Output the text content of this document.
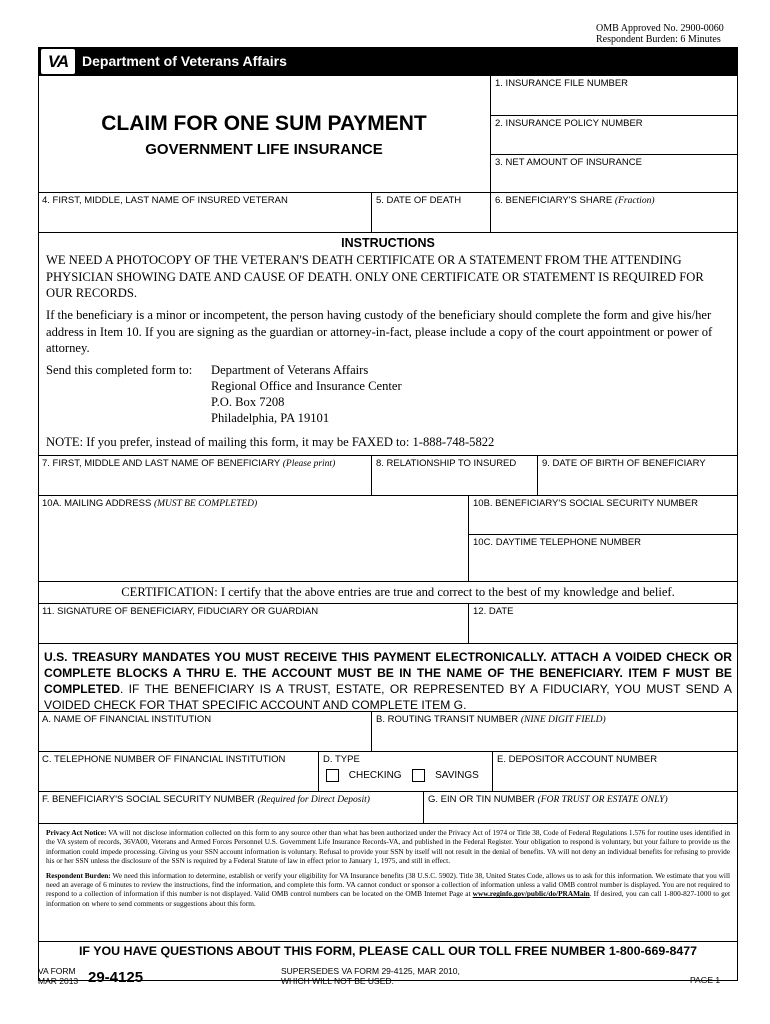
OMB Approved No. 2900-0060
Respondent Burden: 6 Minutes
VA Department of Veterans Affairs
CLAIM FOR ONE SUM PAYMENT
GOVERNMENT LIFE INSURANCE
1. INSURANCE FILE NUMBER
2. INSURANCE POLICY NUMBER
3. NET AMOUNT OF INSURANCE
4. FIRST, MIDDLE, LAST NAME OF INSURED VETERAN	5. DATE OF DEATH	6. BENEFICIARY'S SHARE (Fraction)
INSTRUCTIONS
WE NEED A PHOTOCOPY OF THE VETERAN'S DEATH CERTIFICATE OR A STATEMENT FROM THE ATTENDING PHYSICIAN SHOWING DATE AND CAUSE OF DEATH. ONLY ONE CERTIFICATE OR STATEMENT IS REQUIRED FOR OUR RECORDS.
If the beneficiary is a minor or incompetent, the person having custody of the beneficiary should complete the form and give his/her address in Item 10. If you are signing as the guardian or attorney-in-fact, please include a copy of the court appointment or power of attorney.
Send this completed form to:	Department of Veterans Affairs
Regional Office and Insurance Center
P.O. Box 7208
Philadelphia, PA 19101
NOTE: If you prefer, instead of mailing this form, it may be FAXED to: 1-888-748-5822
7. FIRST, MIDDLE AND LAST NAME OF BENEFICIARY (Please print)	8. RELATIONSHIP TO INSURED	9. DATE OF BIRTH OF BENEFICIARY
10A. MAILING ADDRESS (MUST BE COMPLETED)	10B. BENEFICIARY'S SOCIAL SECURITY NUMBER
10C. DAYTIME TELEPHONE NUMBER
CERTIFICATION: I certify that the above entries are true and correct to the best of my knowledge and belief.
11. SIGNATURE OF BENEFICIARY, FIDUCIARY OR GUARDIAN	12. DATE
U.S. TREASURY MANDATES YOU MUST RECEIVE THIS PAYMENT ELECTRONICALLY. ATTACH A VOIDED CHECK OR COMPLETE BLOCKS A THRU E. THE ACCOUNT MUST BE IN THE NAME OF THE BENEFICIARY. ITEM F MUST BE COMPLETED. IF THE BENEFICIARY IS A TRUST, ESTATE, OR REPRESENTED BY A FIDUCIARY, YOU MUST SEND A VOIDED CHECK FOR THAT SPECIFIC ACCOUNT AND COMPLETE ITEM G.
A. NAME OF FINANCIAL INSTITUTION	B. ROUTING TRANSIT NUMBER (NINE DIGIT FIELD)
C. TELEPHONE NUMBER OF FINANCIAL INSTITUTION	D. TYPE
CHECKING	SAVINGS
E. DEPOSITOR ACCOUNT NUMBER
F. BENEFICIARY'S SOCIAL SECURITY NUMBER (Required for Direct Deposit)	G. EIN OR TIN NUMBER (FOR TRUST OR ESTATE ONLY)
Privacy Act Notice: VA will not disclose information collected on this form to any source other than what has been authorized under the Privacy Act of 1974 or Title 38, Code of Federal Regulations 1.576 for routine uses identified in the VA system of records, 36VA00, Veterans and Armed Forces Personnel U.S. Government Life Insurance Records-VA, and published in the Federal Register. Your obligation to respond is voluntary, but your failure to provide us the information could impede processing. Giving us your SSN account information is voluntary. Refusal to provide your SSN by itself will not result in the denial of benefits. VA will not deny an individual benefits for refusing to provide his or her SSN unless the disclosure of the SSN is required by a Federal Statute of law in effect prior to January 1, 1975, and still in effect.
Respondent Burden: We need this information to determine, establish or verify your eligibility for VA Insurance benefits (38 U.S.C. 5902). Title 38, United States Code, allows us to ask for this information. We estimate that you will need an average of 6 minutes to review the instructions, find the information, and complete this form. VA cannot conduct or sponsor a collection of information unless a valid OMB control number is displayed. You are not required to respond to a collection of information if this number is not displayed. Valid OMB control numbers can be located on the OMB Internet Page at www.reginfo.gov/public/do/PRAMain. If desired, you can call 1-800-827-1000 to get information on where to send comments or suggestions about this form.
IF YOU HAVE QUESTIONS ABOUT THIS FORM, PLEASE CALL OUR TOLL FREE NUMBER 1-800-669-8477
VA FORM
MAR 2013 29-4125	SUPERSEDES VA FORM 29-4125, MAR 2010,
WHICH WILL NOT BE USED.	PAGE 1
